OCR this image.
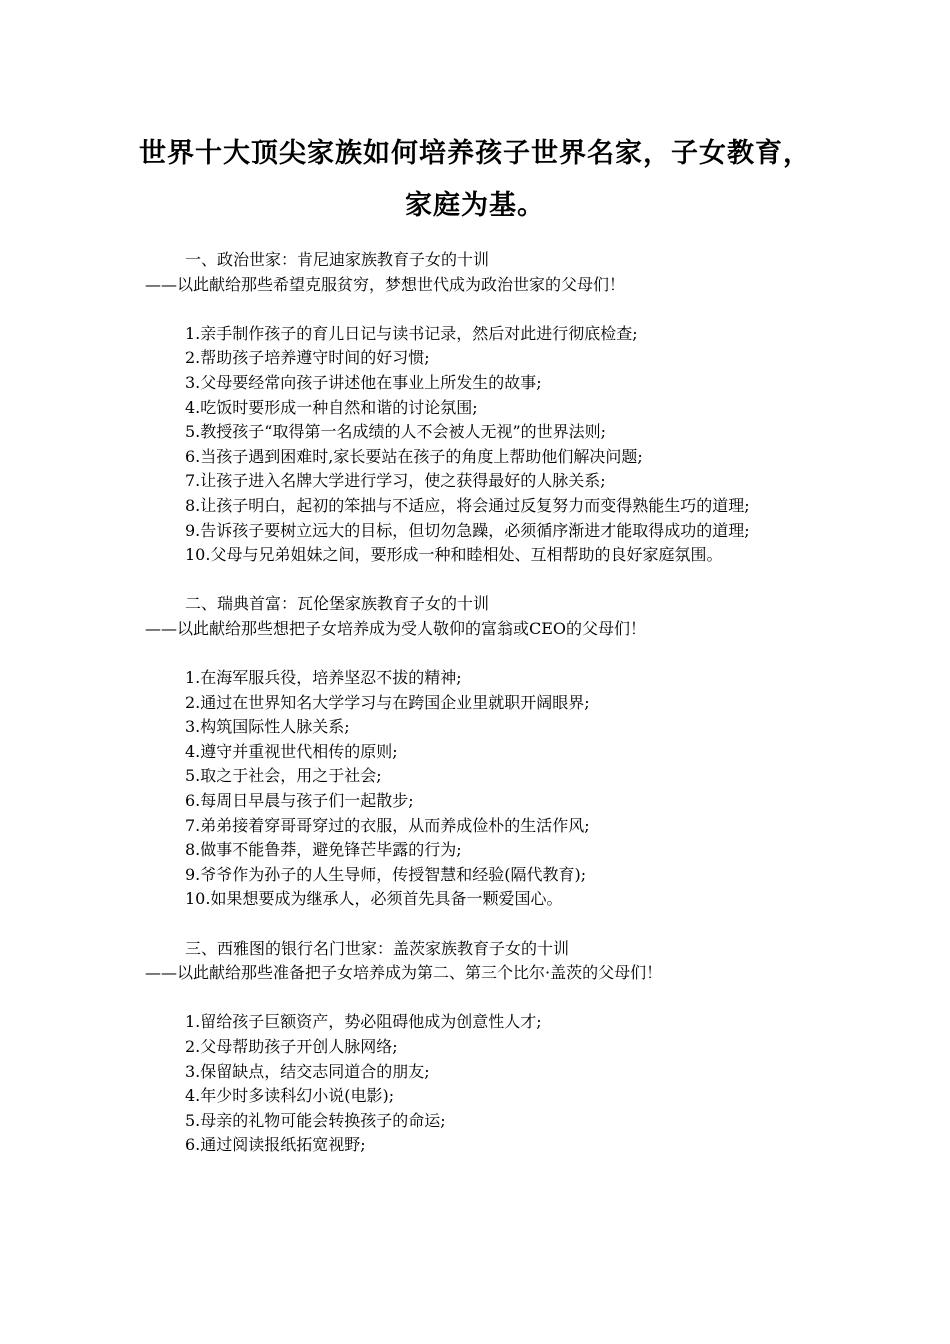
世界十大顶尖家族如何培养孩子世界名家，子女教育，家庭为基。
一、政治世家：肯尼迪家族教育子女的十训
——以此献给那些希望克服贫穷，梦想世代成为政治世家的父母们！
1.亲手制作孩子的育儿日记与读书记录，然后对此进行彻底检查;
2.帮助孩子培养遵守时间的好习惯;
3.父母要经常向孩子讲述他在事业上所发生的故事;
4.吃饭时要形成一种自然和谐的讨论氛围;
5.教授孩子“取得第一名成绩的人不会被人无视”的世界法则;
6.当孩子遇到困难时,家长要站在孩子的角度上帮助他们解决问题;
7.让孩子进入名牌大学进行学习，使之获得最好的人脉关系;
8.让孩子明白，起初的笨拙与不适应，将会通过反复努力而变得熟能生巧的道理;
9.告诉孩子要树立远大的目标，但切勿急躁，必须循序渐进才能取得成功的道理;
10.父母与兄弟姐妹之间，要形成一种和睦相处、互相帮助的良好家庭氛围。
二、瑞典首富：瓦伦堡家族教育子女的十训
——以此献给那些想把子女培养成为受人敬仰的富翁或CEO的父母们！
1.在海军服兵役，培养坚忍不拔的精神;
2.通过在世界知名大学学习与在跨国企业里就职开阔眼界;
3.构筑国际性人脉关系;
4.遵守并重视世代相传的原则;
5.取之于社会，用之于社会;
6.每周日早晨与孩子们一起散步;
7.弟弟接着穿哥哥穿过的衣服，从而养成俭朴的生活作风;
8.做事不能鲁莽，避免锋芒毕露的行为;
9.爷爷作为孙子的人生导师，传授智慧和经验(隔代教育);
10.如果想要成为继承人，必须首先具备一颗爱国心。
三、西雅图的银行名门世家：盖茨家族教育子女的十训
——以此献给那些准备把子女培养成为第二、第三个比尔·盖茨的父母们！
1.留给孩子巨额资产，势必阻碍他成为创意性人才;
2.父母帮助孩子开创人脉网络;
3.保留缺点，结交志同道合的朋友;
4.年少时多读科幻小说(电影);
5.母亲的礼物可能会转换孩子的命运;
6.通过阅读报纸拓宽视野;
